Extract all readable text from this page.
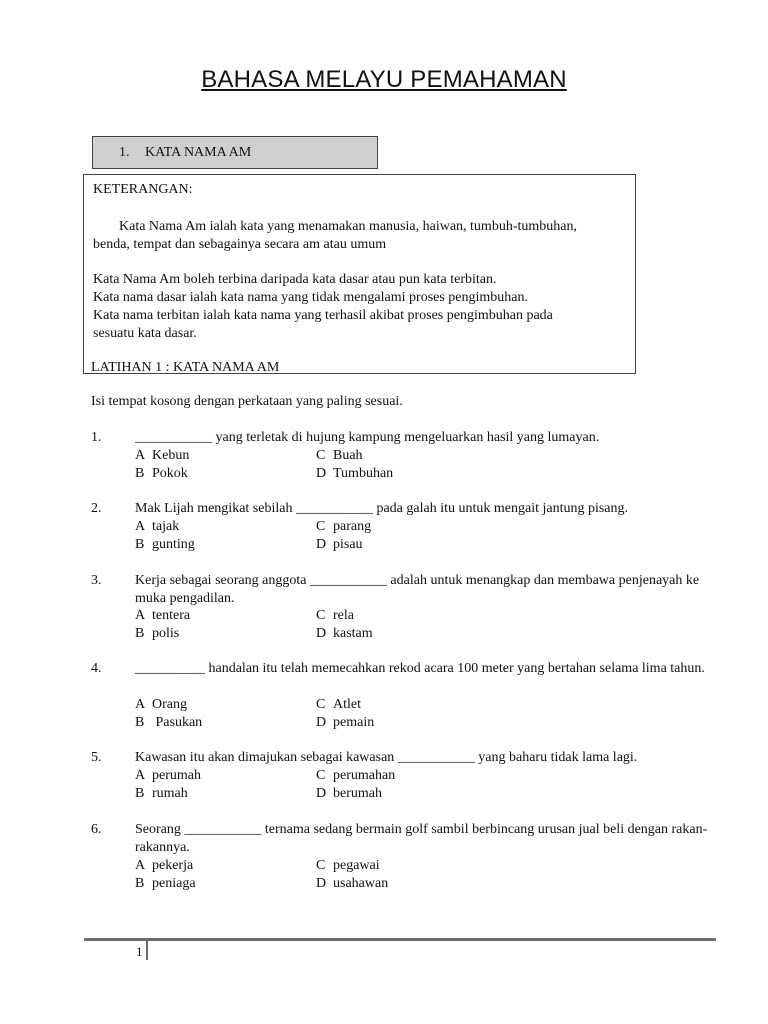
BAHASA MELAYU PEMAHAMAN
1. KATA NAMA AM
KETERANGAN:
Kata Nama Am ialah kata yang menamakan manusia, haiwan, tumbuh-tumbuhan,
benda, tempat dan sebagainya secara am atau umum
Kata Nama Am boleh terbina daripada kata dasar atau pun kata terbitan.
Kata nama dasar ialah kata nama yang tidak mengalami proses pengimbuhan.
Kata nama terbitan ialah kata nama yang terhasil akibat proses pengimbuhan pada
sesuatu kata dasar.
LATIHAN 1 : KATA NAMA AM
Isi tempat kosong dengan perkataan yang paling sesuai.
1. ___________ yang terletak di hujung kampung mengeluarkan hasil yang lumayan.
A Kebun	C Buah
B Pokok	D Tumbuhan
2. Mak Lijah mengikat sebilah ___________ pada galah itu untuk mengait jantung pisang.
A tajak	C parang
B gunting	D pisau
3. Kerja sebagai seorang anggota ___________ adalah untuk menangkap dan membawa penjenayah ke muka pengadilan.
A tentera	C rela
B polis	D kastam
4. __________ handalan itu telah memecahkan rekod acara 100 meter yang bertahan selama lima tahun.
A Orang	C Atlet
B Pasukan	D pemain
5. Kawasan itu akan dimajukan sebagai kawasan ___________ yang baharu tidak lama lagi.
A perumah	C perumahan
B rumah	D berumah
6. Seorang ___________ ternama sedang bermain golf sambil berbincang urusan jual beli dengan rakan-rakannya.
A pekerja	C pegawai
B peniaga	D usahawan
1
